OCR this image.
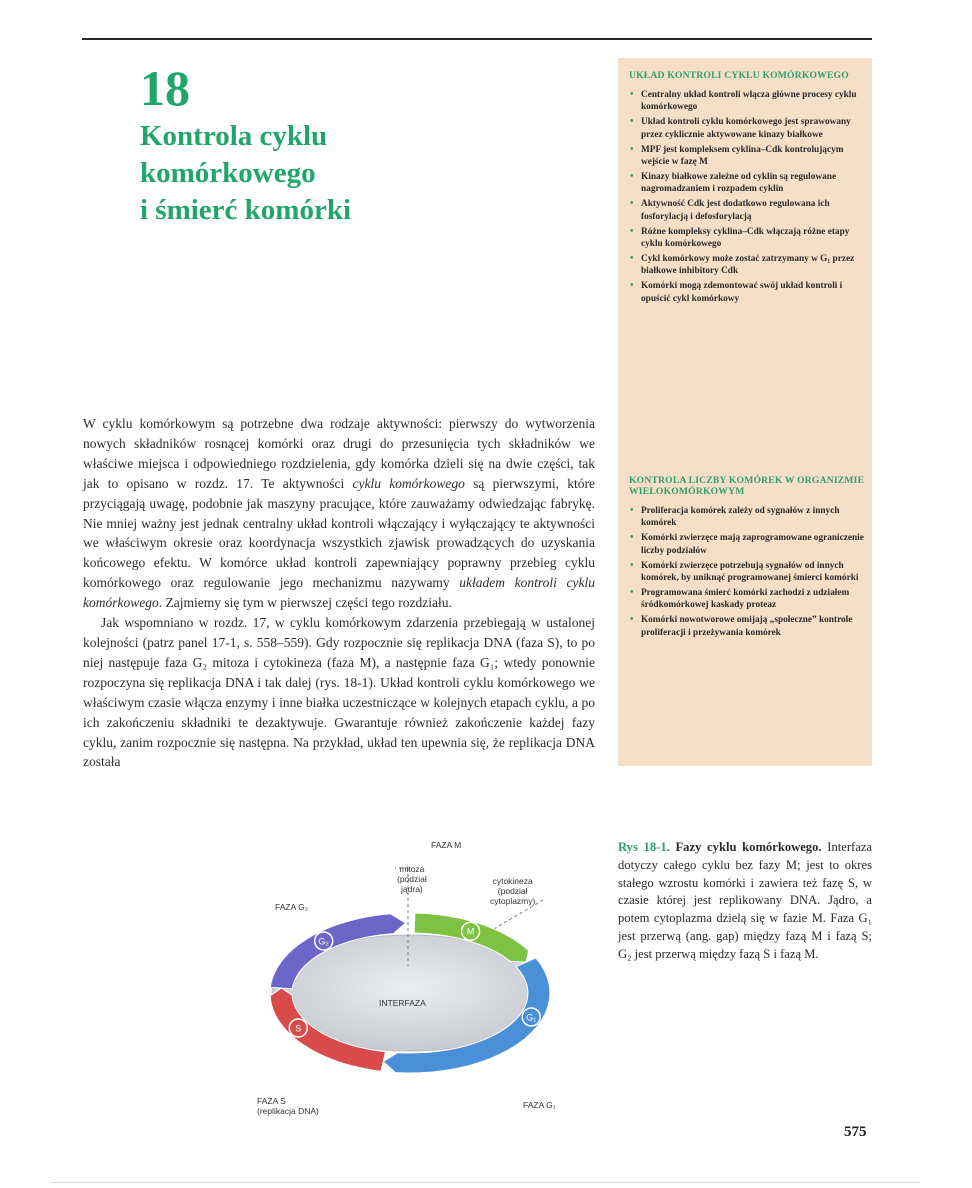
18
Kontrola cyklu
komórkowego
i śmierć komórki
UKŁAD KONTROLI CYKLU KOMÓRKOWEGO
• Centralny układ kontroli włącza główne procesy cyklu komórkowego
• Układ kontroli cyklu komórkowego jest sprawowany przez cyklicznie aktywowane kinazy białkowe
• MPF jest kompleksem cyklina–Cdk kontrolującym wejście w fazę M
• Kinazy białkowe zależne od cyklin są regulowane nagromadzaniem i rozpadem cyklin
• Aktywność Cdk jest dodatkowo regulowana ich fosforylacją i defosforylacją
• Różne kompleksy cyklina–Cdk włączają różne etapy cyklu komórkowego
• Cykl komórkowy może zostać zatrzymany w G₁ przez białkowe inhibitory Cdk
• Komórki mogą zdemontować swój układ kontroli i opuścić cykl komórkowy
KONTROLA LICZBY KOMÓREK W ORGANIZMIE WIELOKOMÓRKOWYM
• Proliferacja komórek zależy od sygnałów z innych komórek
• Komórki zwierzęce mają zaprogramowane ograniczenie liczby podziałów
• Komórki zwierzęce potrzebują sygnałów od innych komórek, by uniknąć programowanej śmierci komórki
• Programowana śmierć komórki zachodzi z udziałem śródkomórkowej kaskady proteaz
• Komórki nowotworowe omijają „społeczne” kontrole proliferacji i przeżywania komórek

W cyklu komórkowym są potrzebne dwa rodzaje aktywności: pierwszy do wytworzenia nowych składników rosnącej komórki oraz drugi do przesunięcia tych składników we właściwe miejsca i odpowiedniego rozdzielenia, gdy komórka dzieli się na dwie części, tak jak to opisano w rozdz. 17. Te aktywności cyklu komórkowego są pierwszymi, które przyciągają uwagę, podobnie jak maszyny pracujące, które zauważamy odwiedzając fabrykę. Nie mniej ważny jest jednak centralny układ kontroli włączający i wyłączający te aktywności we właściwym okresie oraz koordynacja wszystkich zjawisk prowadzących do uzyskania końcowego efektu. W komórce układ kontroli zapewniający poprawny przebieg cyklu komórkowego oraz regulowanie jego mechanizmu nazywamy układem kontroli cyklu komórkowego. Zajmiemy się tym w pierwszej części tego rozdziału.

Jak wspomniano w rozdz. 17, w cyklu komórkowym zdarzenia przebiegają w ustalonej kolejności (patrz panel 17-1, s. 558–559). Gdy rozpocznie się replikacja DNA (faza S), to po niej następuje faza G₂ mitoza i cytokineza (faza M), a następnie faza G₁; wtedy ponownie rozpoczyna się replikacja DNA i tak dalej (rys. 18-1). Układ kontroli cyklu komórkowego we właściwym czasie włącza enzymy i inne białka uczestniczące w kolejnych etapach cyklu, a po ich zakończeniu składniki te dezaktywuje. Gwarantuje również zakończenie każdej fazy cyklu, zanim rozpocznie się następna. Na przykład, układ ten upewnia się, że replikacja DNA została

Rys 18-1. Fazy cyklu komórkowego. Interfaza dotyczy całego cyklu bez fazy M; jest to okres stałego wzrostu komórki i zawiera też fazę S, w czasie której jest replikowany DNA. Jądro, a potem cytoplazma dzielą się w fazie M. Faza G₁ jest przerwą (ang. gap) między fazą M i fazą S; G₂ jest przerwą między fazą S i fazą M.
M
G₁
S
G₂
FAZA M
mitoza
(podział
jądra)
cytokineza
(podział
cytoplazmy)
FAZA G₂
INTERFAZA
FAZA S
(replikacja DNA)
FAZA G₁
575
